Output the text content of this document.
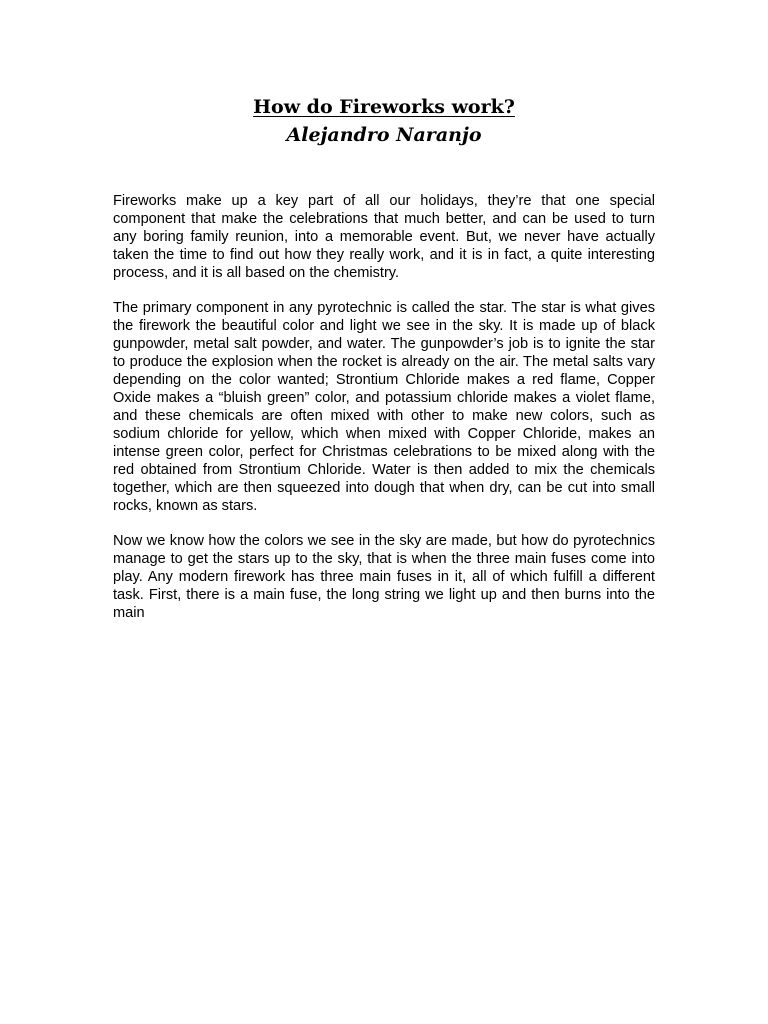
How do Fireworks work?
Alejandro Naranjo
Fireworks make up a key part of all our holidays, they’re that one special component that make the celebrations that much better, and can be used to turn any boring family reunion, into a memorable event. But, we never have actually taken the time to find out how they really work, and it is in fact, a quite interesting process, and it is all based on the chemistry.
The primary component in any pyrotechnic is called the star. The star is what gives the firework the beautiful color and light we see in the sky. It is made up of black gunpowder, metal salt powder, and water. The gunpowder’s job is to ignite the star to produce the explosion when the rocket is already on the air. The metal salts vary depending on the color wanted; Strontium Chloride makes a red flame, Copper Oxide makes a “bluish green” color, and potassium chloride makes a violet flame, and these chemicals are often mixed with other to make new colors, such as sodium chloride for yellow, which when mixed with Copper Chloride, makes an intense green color, perfect for Christmas celebrations to be mixed along with the red obtained from Strontium Chloride. Water is then added to mix the chemicals together, which are then squeezed into dough that when dry, can be cut into small rocks, known as stars.
Now we know how the colors we see in the sky are made, but how do pyrotechnics manage to get the stars up to the sky, that is when the three main fuses come into play. Any modern firework has three main fuses in it, all of which fulfill a different task. First, there is a main fuse, the long string we light up and then burns into the main
